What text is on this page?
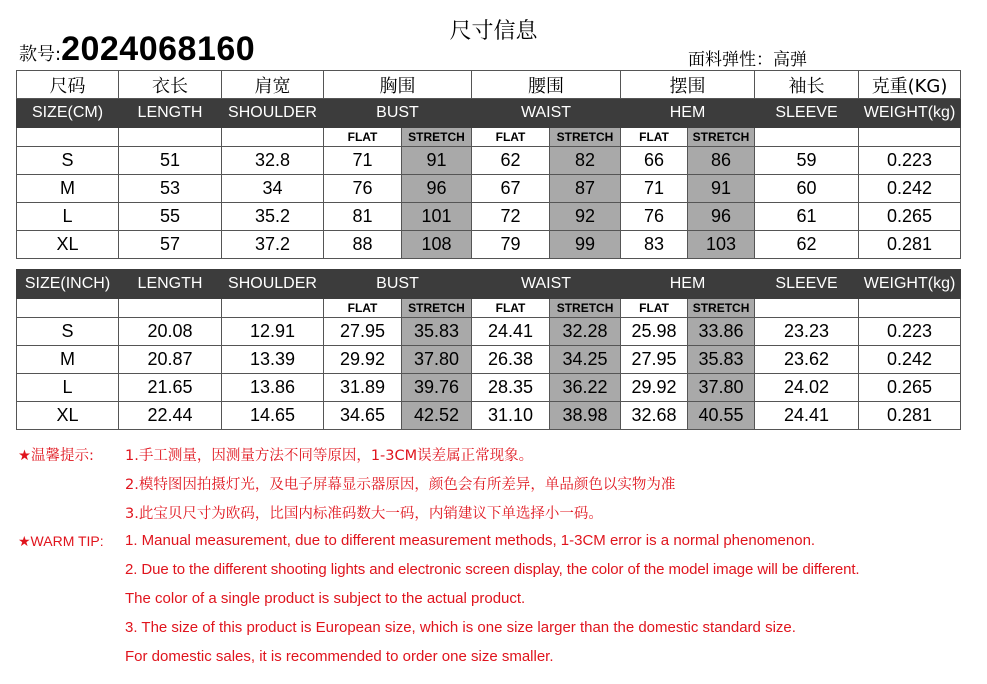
尺寸信息
款号:2024068160	面料弹性：高弹
尺码	衣长	肩宽	胸围		腰围		摆围		袖长	克重(KG)
SIZE(CM)	LENGTH	SHOULDER	BUST		WAIST		HEM		SLEEVE	WEIGHT(kg)
			FLAT	STRETCH	FLAT	STRETCH	FLAT	STRETCH		
S	51	32.8	71	91	62	82	66	86	59	0.223
M	53	34	76	96	67	87	71	91	60	0.242
L	55	35.2	81	101	72	92	76	96	61	0.265
XL	57	37.2	88	108	79	99	83	103	62	0.281
SIZE(INCH)	LENGTH	SHOULDER	BUST		WAIST		HEM		SLEEVE	WEIGHT(kg)
			FLAT	STRETCH	FLAT	STRETCH	FLAT	STRETCH		
S	20.08	12.91	27.95	35.83	24.41	32.28	25.98	33.86	23.23	0.223
M	20.87	13.39	29.92	37.80	26.38	34.25	27.95	35.83	23.62	0.242
L	21.65	13.86	31.89	39.76	28.35	36.22	29.92	37.80	24.02	0.265
XL	22.44	14.65	34.65	42.52	31.10	38.98	32.68	40.55	24.41	0.281
★温馨提示: 1.手工测量，因测量方法不同等原因，1-3CM误差属正常现象。
2.模特图因拍摄灯光，及电子屏幕显示器原因，颜色会有所差异，单品颜色以实物为准
3.此宝贝尺寸为欧码，比国内标准码数大一码，内销建议下单选择小一码。
★WARM TIP: 1. Manual measurement, due to different measurement methods, 1-3CM error is a normal phenomenon.
2. Due to the different shooting lights and electronic screen display, the color of the model image will be different.
The color of a single product is subject to the actual product.
3. The size of this product is European size, which is one size larger than the domestic standard size.
For domestic sales, it is recommended to order one size smaller.
